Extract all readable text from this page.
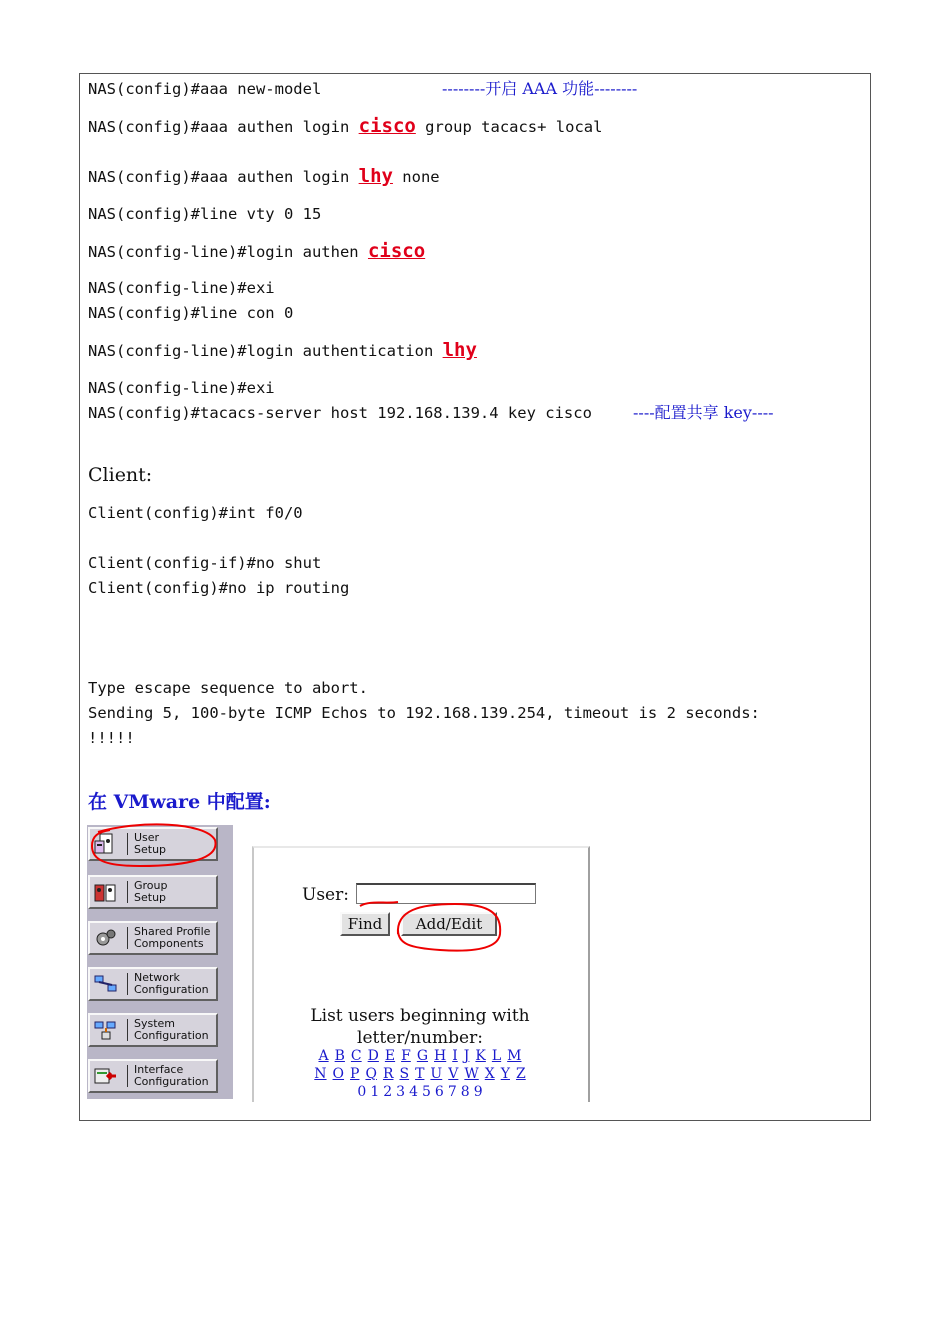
NAS(config)#aaa new-model	--------开启 AAA 功能--------
NAS(config)#aaa authen login cisco group tacacs+ local
NAS(config)#aaa authen login lhy none
NAS(config)#line vty 0 15
NAS(config-line)#login authen cisco
NAS(config-line)#exi
NAS(config)#line con 0
NAS(config-line)#login authentication lhy
NAS(config-line)#exi
NAS(config)#tacacs-server host 192.168.139.4 key cisco	----配置共享 key----
Client:
Client(config)#int f0/0
Client(config-if)#no shut
Client(config)#no ip routing
Type escape sequence to abort.
Sending 5, 100-byte ICMP Echos to 192.168.139.254, timeout is 2 seconds:
!!!!!
在 VMware 中配置:
User
Setup
Group
Setup
Shared Profile
Components
Network
Configuration
System
Configuration
Interface
Configuration
User:
Find	Add/Edit
List users beginning with
letter/number:
A B C D E F G H I J K L M
N O P Q R S T U V W X Y Z
0 1 2 3 4 5 6 7 8 9
